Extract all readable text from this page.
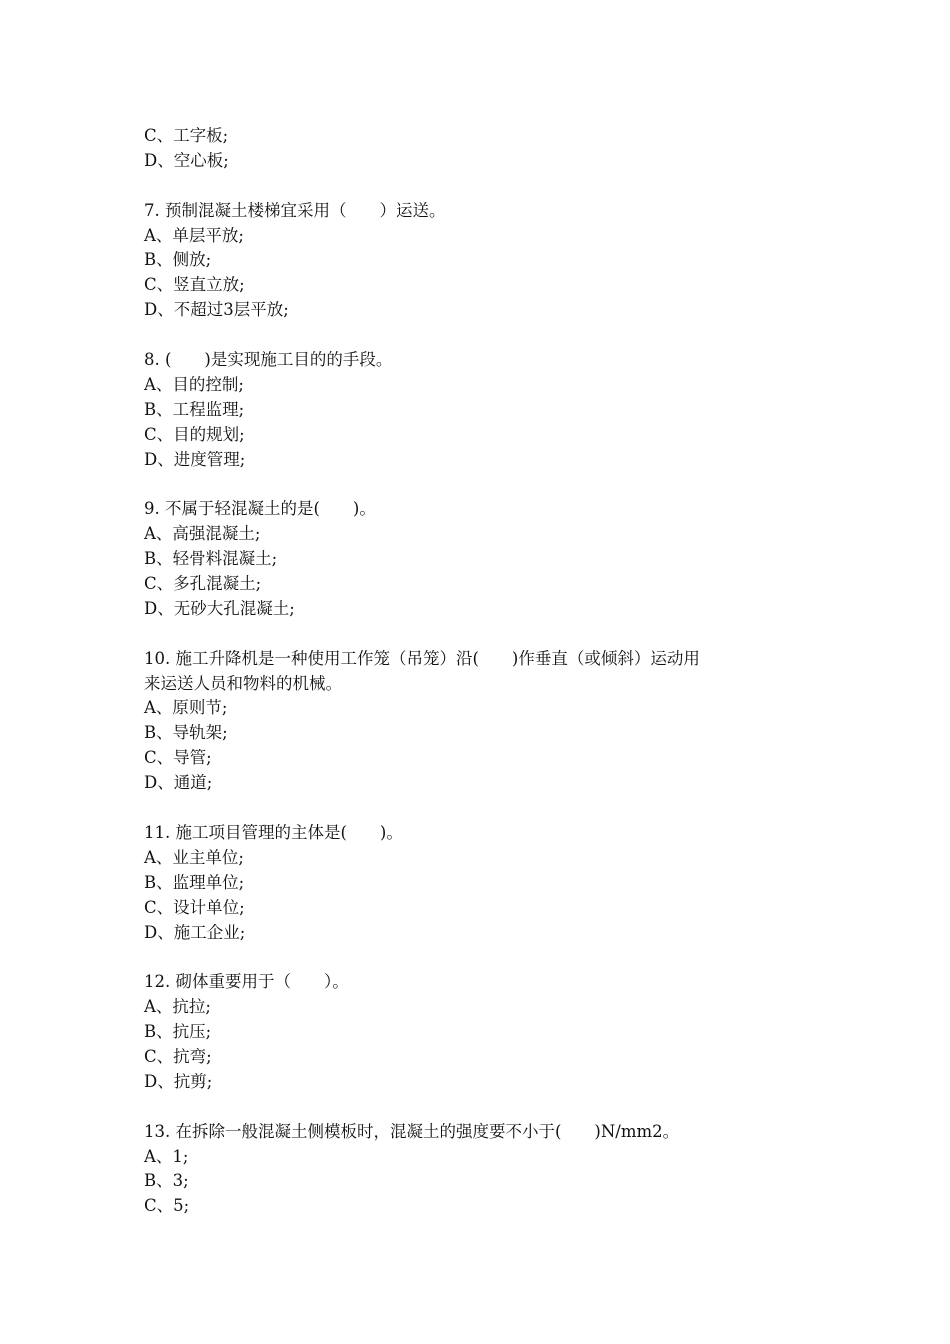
C、工字板;
D、空心板;
7. 预制混凝土楼梯宜采用（　　）运送。
A、单层平放;
B、侧放;
C、竖直立放;
D、不超过3层平放;
8. (　　)是实现施工目的的手段。
A、目的控制;
B、工程监理;
C、目的规划;
D、进度管理;
9. 不属于轻混凝土的是(　　)。
A、高强混凝土;
B、轻骨料混凝土;
C、多孔混凝土;
D、无砂大孔混凝土;
10. 施工升降机是一种使用工作笼（吊笼）沿(　　)作垂直（或倾斜）运动用
来运送人员和物料的机械。
A、原则节;
B、导轨架;
C、导管;
D、通道;
11. 施工项目管理的主体是(　　)。
A、业主单位;
B、监理单位;
C、设计单位;
D、施工企业;
12. 砌体重要用于（　　）。
A、抗拉;
B、抗压;
C、抗弯;
D、抗剪;
13. 在拆除一般混凝土侧模板时，混凝土的强度要不小于(　　)N/mm2。
A、1;
B、3;
C、5;
